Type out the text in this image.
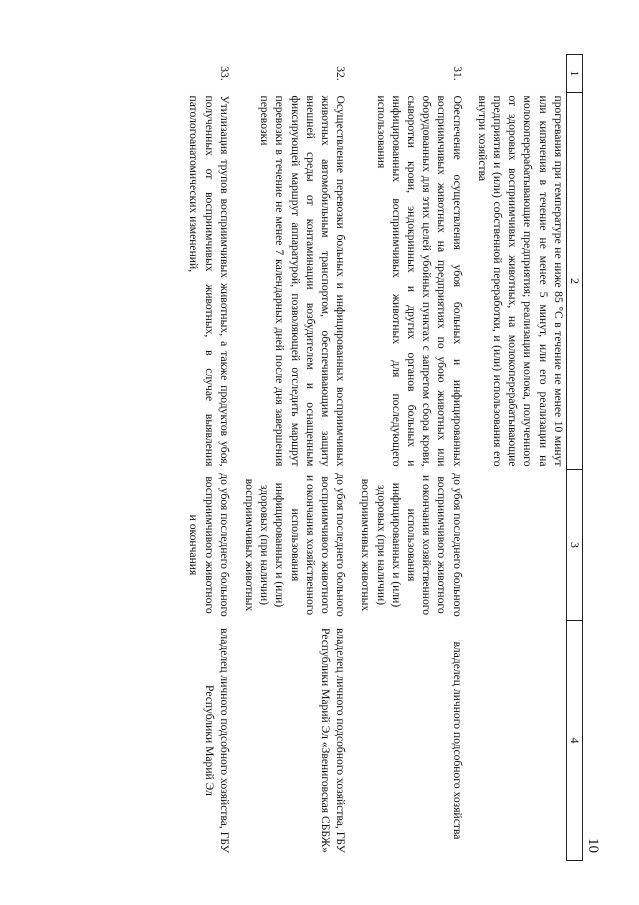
10
1	2	3	4
	прогревания при температуре не ниже 85 °С в течение не менее 10 минут или кипячения в течение не менее 5 минут, или его реализации на молокоперерабатывающие предприятия; реализации молока, полученного от здоровых восприимчивых животных, на молокоперерабатывающие предприятия и (или) собственной переработки, и (или) использования его внутри хозяйства		

31.	Обеспечение осуществления убоя больных и инфицированных восприимчивых животных на предприятиях по убою животных или оборудованных для этих целей убойных пунктах с запретом сбора крови, сыворотки крови, эндокринных и других органов больных и инфицированных восприимчивых животных для последующего использования	до убоя последнего больного восприимчивого животного и окончания хозяйственного использования инфицированных и (или) здоровых (при наличии) восприимчивых животных	владелец личного подсобного хозяйства

32.	Осуществление перевозки больных и инфицированных восприимчивых животных автомобильным транспортом, обеспечивающим защиту внешней среды от контаминации возбудителем и оснащенным фиксирующей маршрут аппаратурой, позволяющей отследить маршрут перевозки в течение не менее 7 календарных дней после дня завершения перевозки	до убоя последнего больного восприимчивого животного и окончания хозяйственного использования инфицированных и (или) здоровых (при наличии) восприимчивых животных	владелец личного подсобного хозяйства, ГБУ Республики Марий Эл «Звениговская СББЖ»

33.	Утилизация трупов восприимчивых животных, а также продуктов убоя, полученных от восприимчивых животных, в случае выявления патологоанатомических изменений,	до убоя последнего больного восприимчивого животного и окончания	владелец личного подсобного хозяйства, ГБУ Республики Марий Эл
